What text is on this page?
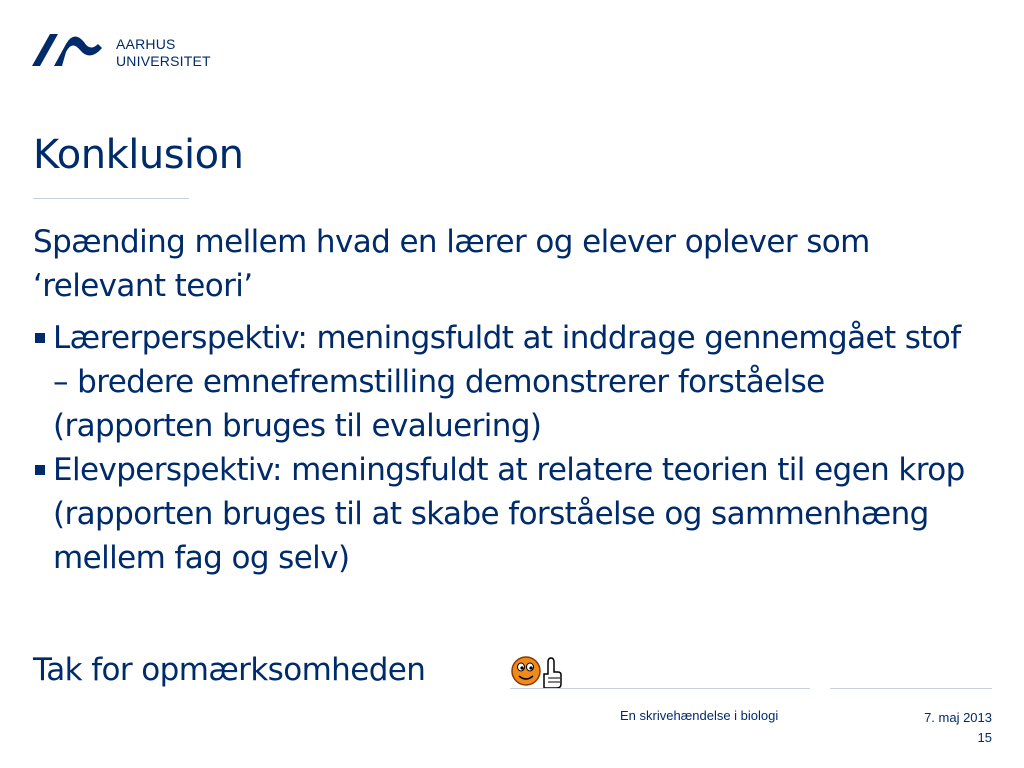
AARHUS
UNIVERSITET
Konklusion

Spænding mellem hvad en lærer og elever oplever som ‘relevant teori’

Lærerperspektiv: meningsfuldt at inddrage gennemgået stof – bredere emnefremstilling demonstrerer forståelse (rapporten bruges til evaluering)
Elevperspektiv: meningsfuldt at relatere teorien til egen krop (rapporten bruges til at skabe forståelse og sammenhæng mellem fag og selv)
Tak for opmærksomheden
En skrivehændelse i biologi	7. maj 2013
15
